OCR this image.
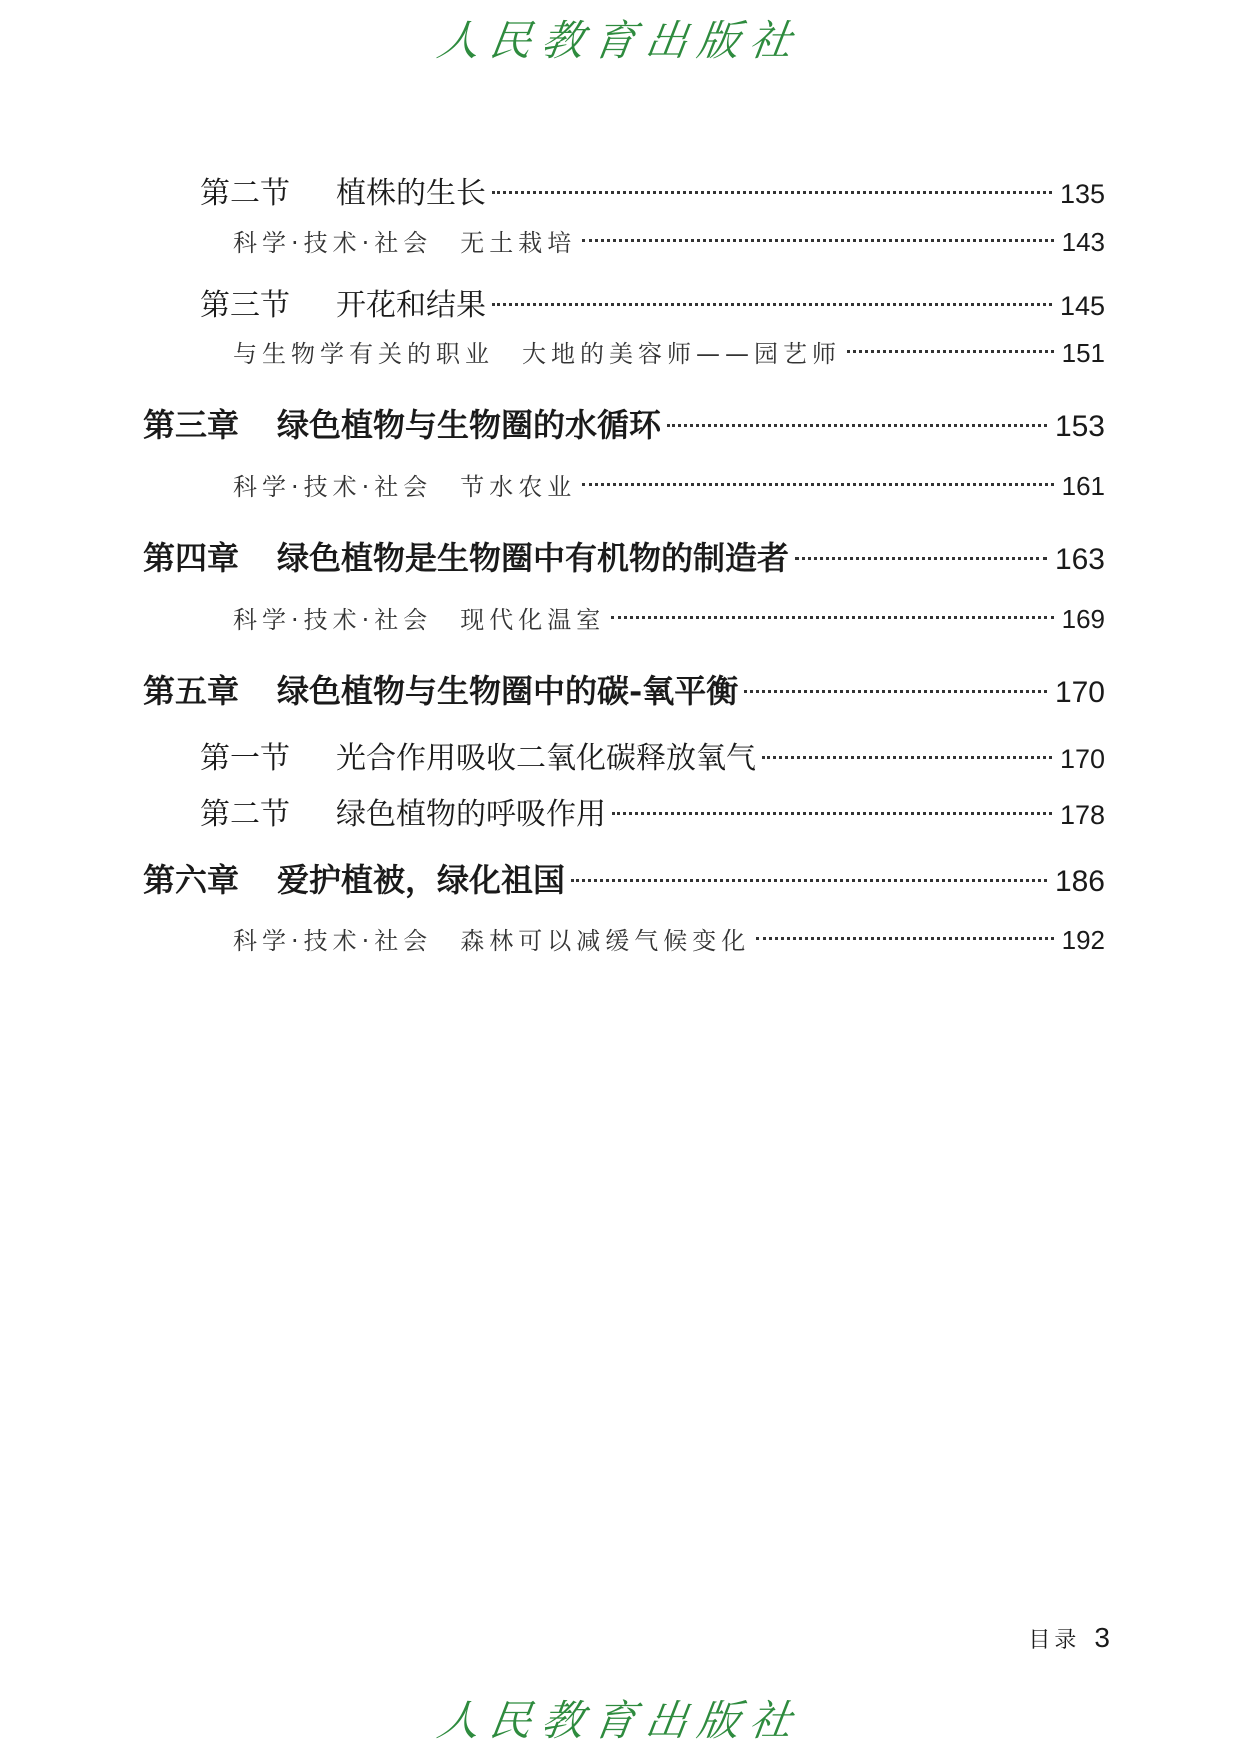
人民教育出版社
第二节	植株的生长	135
科学·技术·社会 无土栽培	143
第三节	开花和结果	145
与生物学有关的职业 大地的美容师——园艺师	151
第三章	绿色植物与生物圈的水循环	153
科学·技术·社会 节水农业	161
第四章	绿色植物是生物圈中有机物的制造者	163
科学·技术·社会 现代化温室	169
第五章	绿色植物与生物圈中的碳-氧平衡	170
第一节	光合作用吸收二氧化碳释放氧气	170
第二节	绿色植物的呼吸作用	178
第六章	爱护植被，绿化祖国	186
科学·技术·社会 森林可以减缓气候变化	192
目录 3
人民教育出版社
